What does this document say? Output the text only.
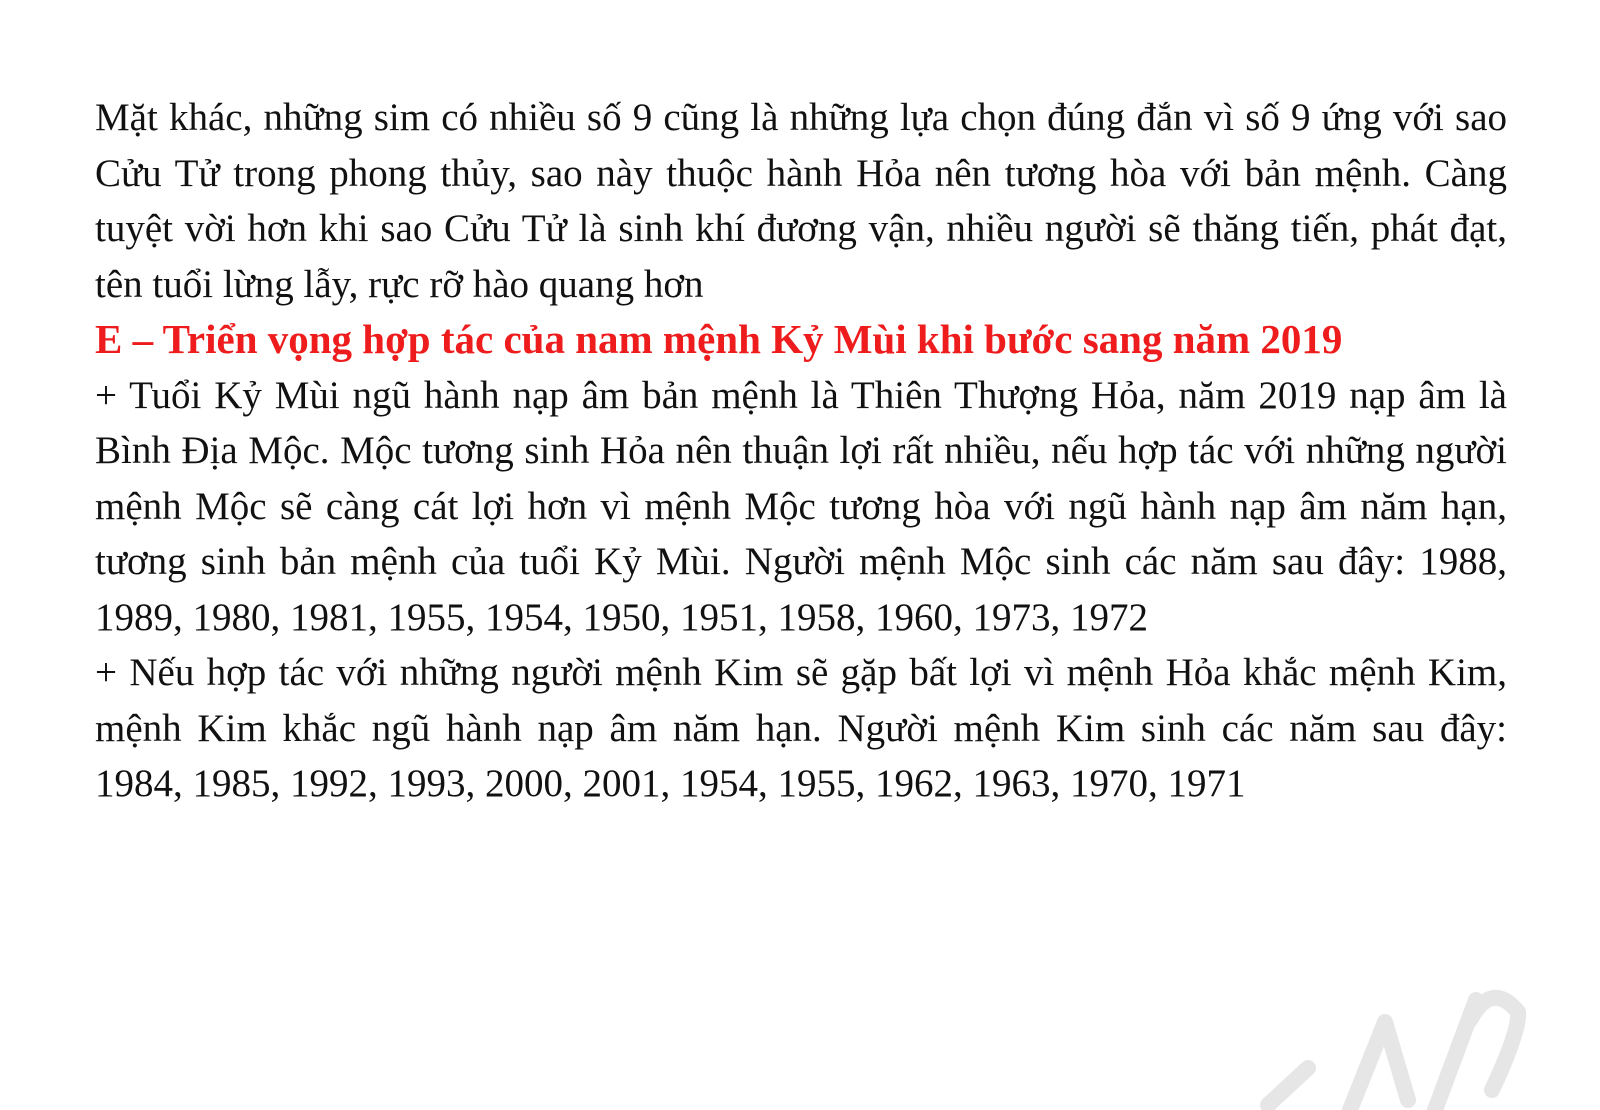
Mặt khác, những sim có nhiều số 9 cũng là những lựa chọn đúng đắn vì số 9 ứng với sao Cửu Tử trong phong thủy, sao này thuộc hành Hỏa nên tương hòa với bản mệnh. Càng tuyệt vời hơn khi sao Cửu Tử là sinh khí đương vận, nhiều người sẽ thăng tiến, phát đạt, tên tuổi lừng lẫy, rực rỡ hào quang hơn

E – Triển vọng hợp tác của nam mệnh Kỷ Mùi khi bước sang năm 2019

+ Tuổi Kỷ Mùi ngũ hành nạp âm bản mệnh là Thiên Thượng Hỏa, năm 2019 nạp âm là Bình Địa Mộc. Mộc tương sinh Hỏa nên thuận lợi rất nhiều, nếu hợp tác với những người mệnh Mộc sẽ càng cát lợi hơn vì mệnh Mộc tương hòa với ngũ hành nạp âm năm hạn, tương sinh bản mệnh của tuổi Kỷ Mùi. Người mệnh Mộc sinh các năm sau đây: 1988, 1989, 1980, 1981, 1955, 1954, 1950, 1951, 1958, 1960, 1973, 1972

+ Nếu hợp tác với những người mệnh Kim sẽ gặp bất lợi vì mệnh Hỏa khắc mệnh Kim, mệnh Kim khắc ngũ hành nạp âm năm hạn. Người mệnh Kim sinh các năm sau đây: 1984, 1985, 1992, 1993, 2000, 2001, 1954, 1955, 1962, 1963, 1970, 1971
